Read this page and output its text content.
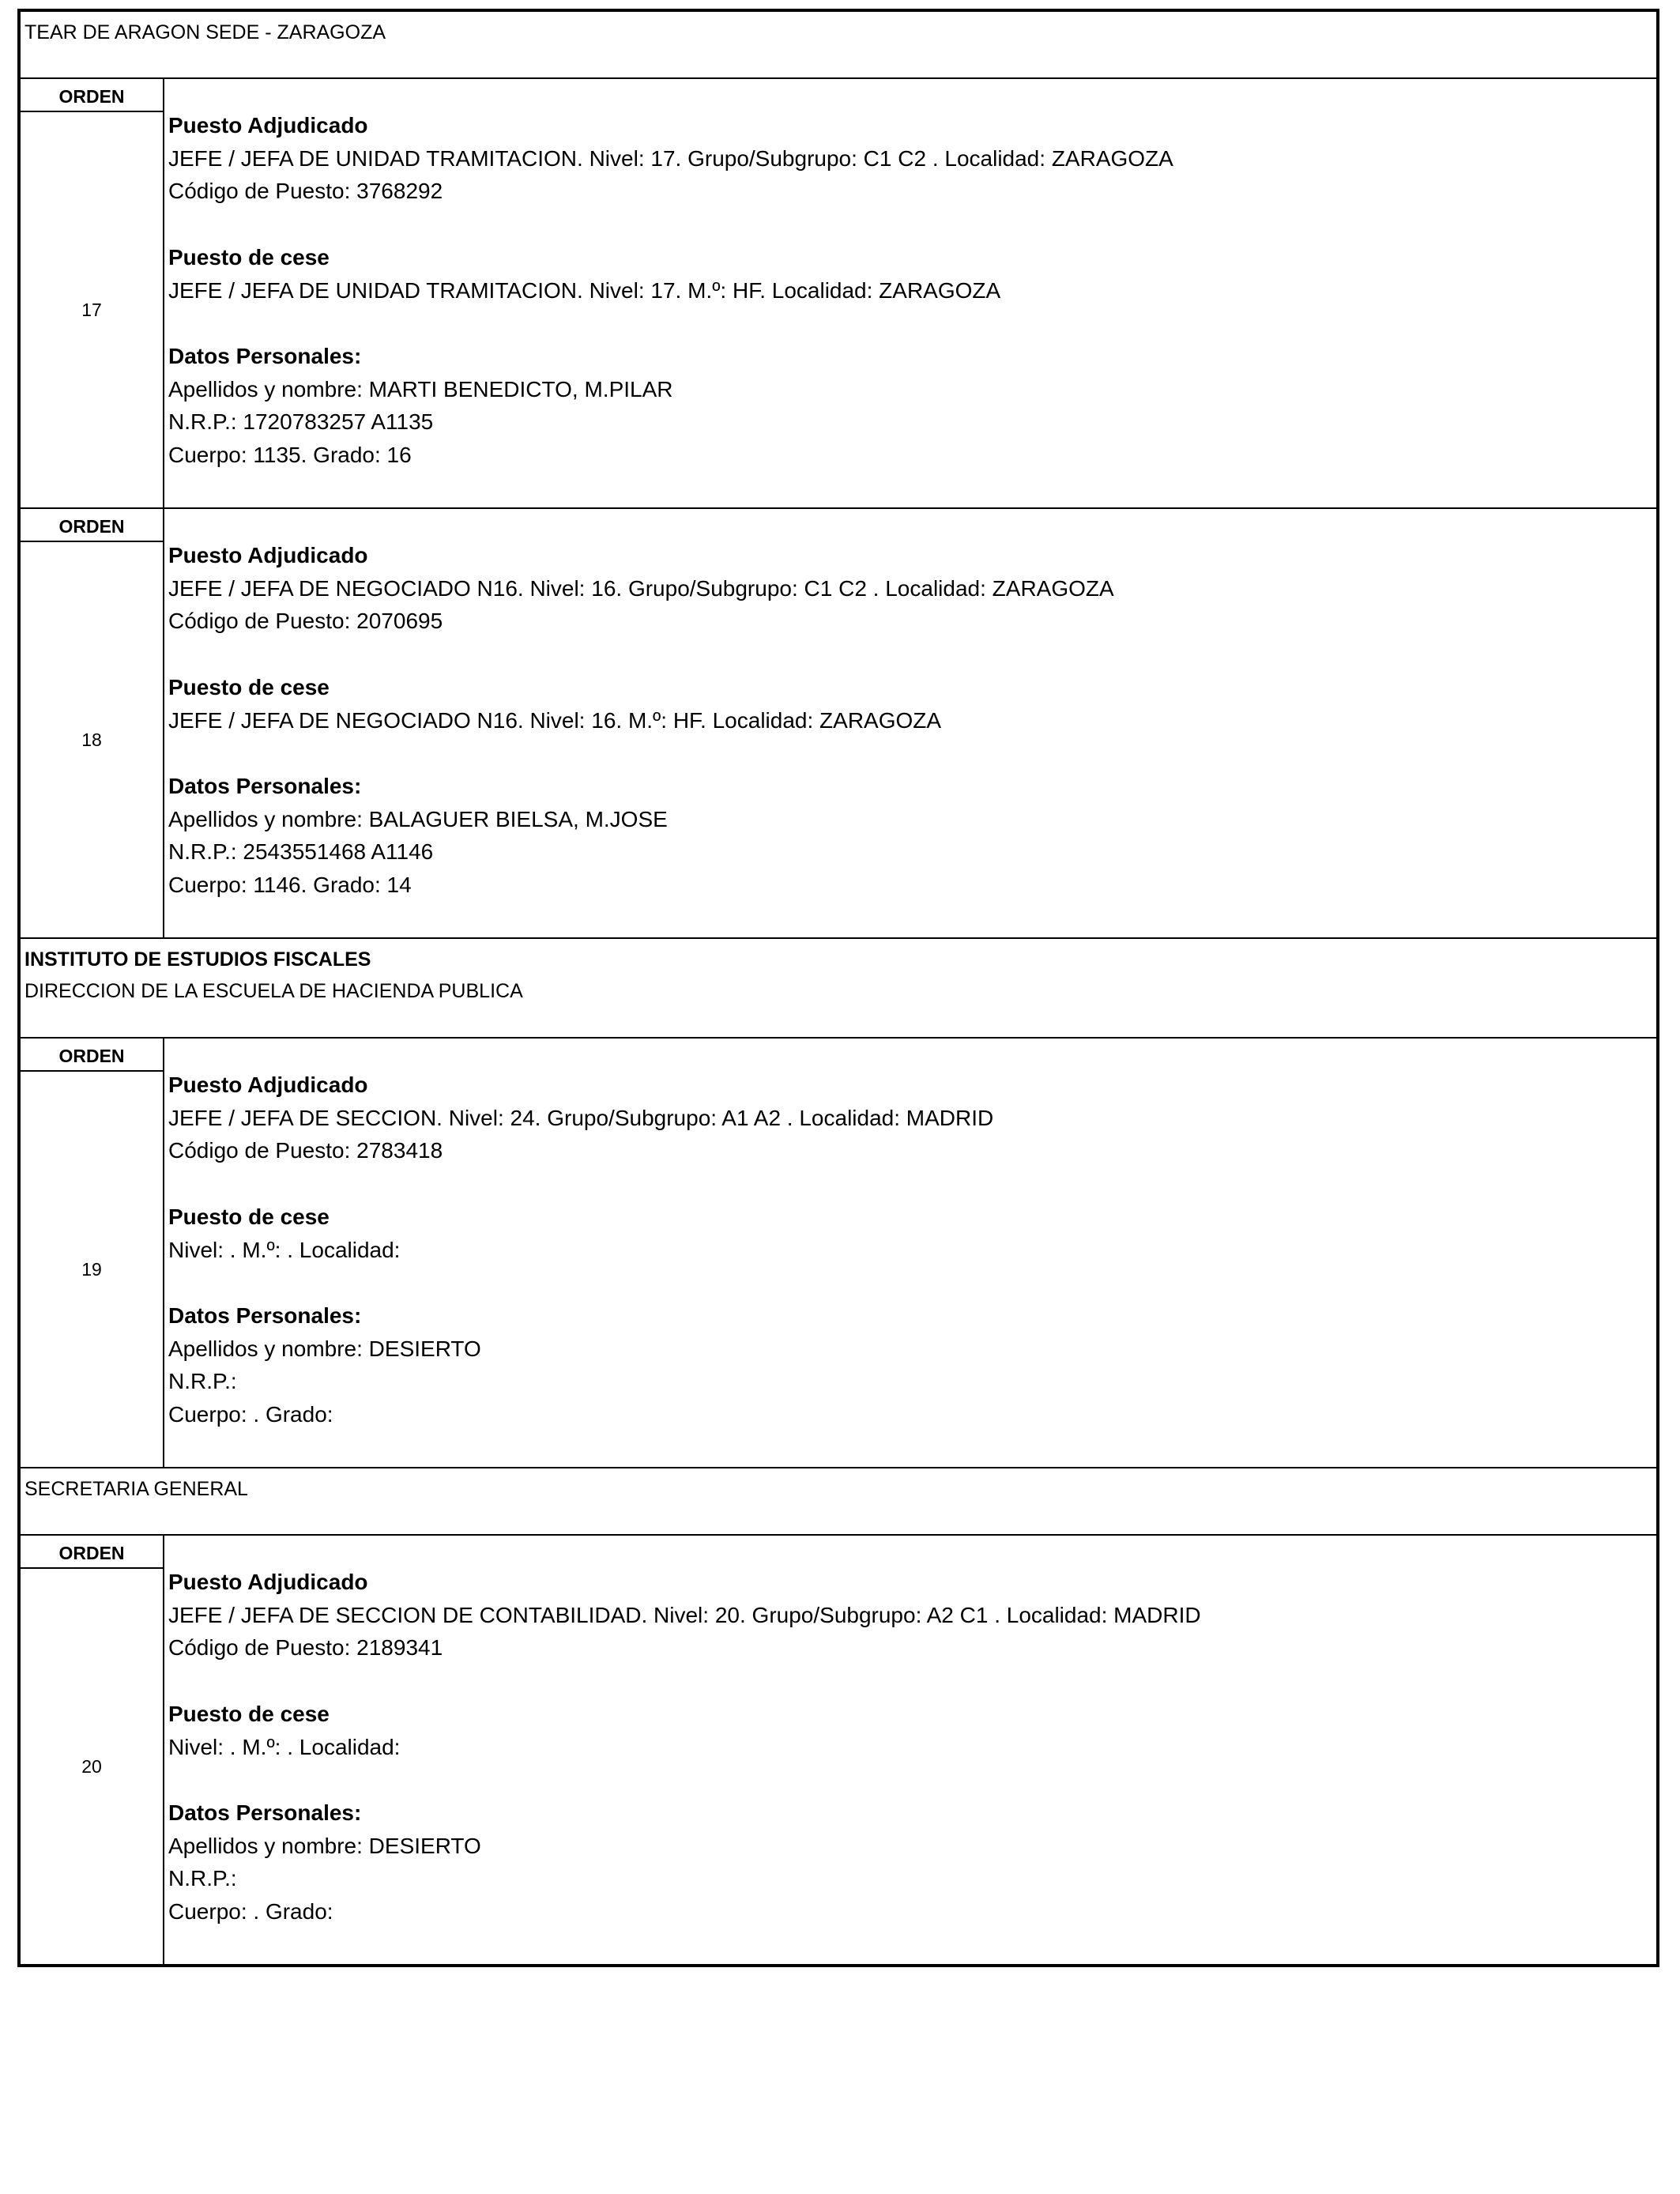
TEAR DE ARAGON SEDE - ZARAGOZA
ORDEN
17
Puesto Adjudicado
JEFE / JEFA DE UNIDAD TRAMITACION. Nivel: 17. Grupo/Subgrupo: C1 C2 . Localidad: ZARAGOZA
Código de Puesto: 3768292
Puesto de cese
JEFE / JEFA DE UNIDAD TRAMITACION. Nivel: 17. M.º: HF. Localidad: ZARAGOZA
Datos Personales:
Apellidos y nombre: MARTI BENEDICTO, M.PILAR
N.R.P.: 1720783257 A1135
Cuerpo: 1135. Grado: 16
ORDEN
18
Puesto Adjudicado
JEFE / JEFA DE NEGOCIADO N16. Nivel: 16. Grupo/Subgrupo: C1 C2 . Localidad: ZARAGOZA
Código de Puesto: 2070695
Puesto de cese
JEFE / JEFA DE NEGOCIADO N16. Nivel: 16. M.º: HF. Localidad: ZARAGOZA
Datos Personales:
Apellidos y nombre: BALAGUER BIELSA, M.JOSE
N.R.P.: 2543551468 A1146
Cuerpo: 1146. Grado: 14
INSTITUTO DE ESTUDIOS FISCALES
DIRECCION DE LA ESCUELA DE HACIENDA PUBLICA
ORDEN
19
Puesto Adjudicado
JEFE / JEFA DE SECCION. Nivel: 24. Grupo/Subgrupo: A1 A2 . Localidad: MADRID
Código de Puesto: 2783418
Puesto de cese
Nivel: . M.º: . Localidad:
Datos Personales:
Apellidos y nombre: DESIERTO
N.R.P.:
Cuerpo: . Grado:
SECRETARIA GENERAL
ORDEN
20
Puesto Adjudicado
JEFE / JEFA DE SECCION DE CONTABILIDAD. Nivel: 20. Grupo/Subgrupo: A2 C1 . Localidad: MADRID
Código de Puesto: 2189341
Puesto de cese
Nivel: . M.º: . Localidad:
Datos Personales:
Apellidos y nombre: DESIERTO
N.R.P.:
Cuerpo: . Grado:
